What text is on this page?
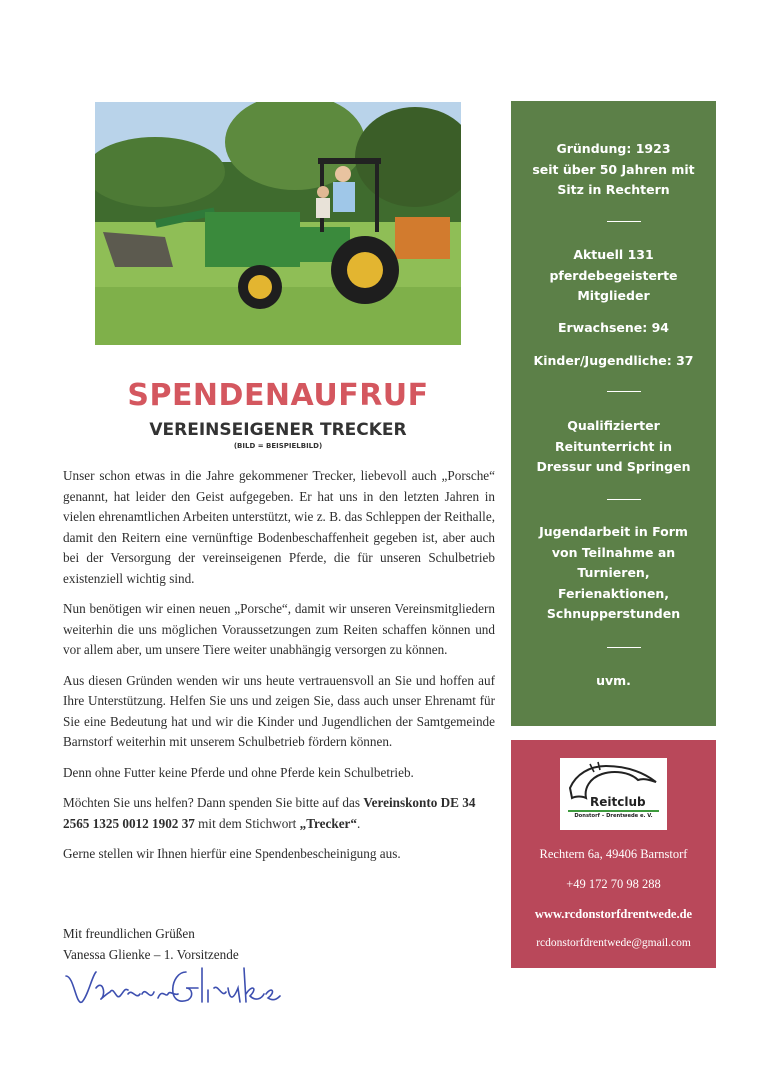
SPENDENAUFRUF
VEREINSEIGENER TRECKER
(BILD = BEISPIELBILD)

Unser schon etwas in die Jahre gekommener Trecker, liebevoll auch „Porsche“ genannt, hat leider den Geist aufgegeben. Er hat uns in den letzten Jahren in vielen ehrenamtlichen Arbeiten unterstützt, wie z. B. das Schleppen der Reithalle, damit den Reitern eine vernünftige Bodenbeschaffenheit gegeben ist, aber auch bei der Versorgung der vereinseigenen Pferde, die für unseren Schulbetrieb existenziell wichtig sind.

Nun benötigen wir einen neuen „Porsche“, damit wir unseren Vereinsmitgliedern weiterhin die uns möglichen Voraussetzungen zum Reiten schaffen können und vor allem aber, um unsere Tiere weiter unabhängig versorgen zu können.

Aus diesen Gründen wenden wir uns heute vertrauensvoll an Sie und hoffen auf Ihre Unterstützung. Helfen Sie uns und zeigen Sie, dass auch unser Ehrenamt für Sie eine Bedeutung hat und wir die Kinder und Jugendlichen der Samtgemeinde Barnstorf weiterhin mit unserem Schulbetrieb fördern können.

Denn ohne Futter keine Pferde und ohne Pferde kein Schulbetrieb.

Möchten Sie uns helfen? Dann spenden Sie bitte auf das Vereinskonto DE 34 2565 1325 0012 1902 37 mit dem Stichwort „Trecker“.

Gerne stellen wir Ihnen hierfür eine Spendenbescheinigung aus.

Mit freundlichen Grüßen
Vanessa Glienke – 1. Vorsitzende
Gründung: 1923
seit über 50 Jahren mit
Sitz in Rechtern
Aktuell 131
pferdebegeisterte
Mitglieder
Erwachsene: 94
Kinder/Jugendliche: 37
Qualifizierter
Reitunterricht in
Dressur und Springen
Jugendarbeit in Form
von Teilnahme an
Turnieren,
Ferienaktionen,
Schnupperstunden
uvm.
Reitclub
Donstorf – Drentwede e. V.
Rechtern 6a, 49406 Barnstorf
+49 172 70 98 288
www.rcdonstorfdrentwede.de
rcdonstorfdrentwede@gmail.com
